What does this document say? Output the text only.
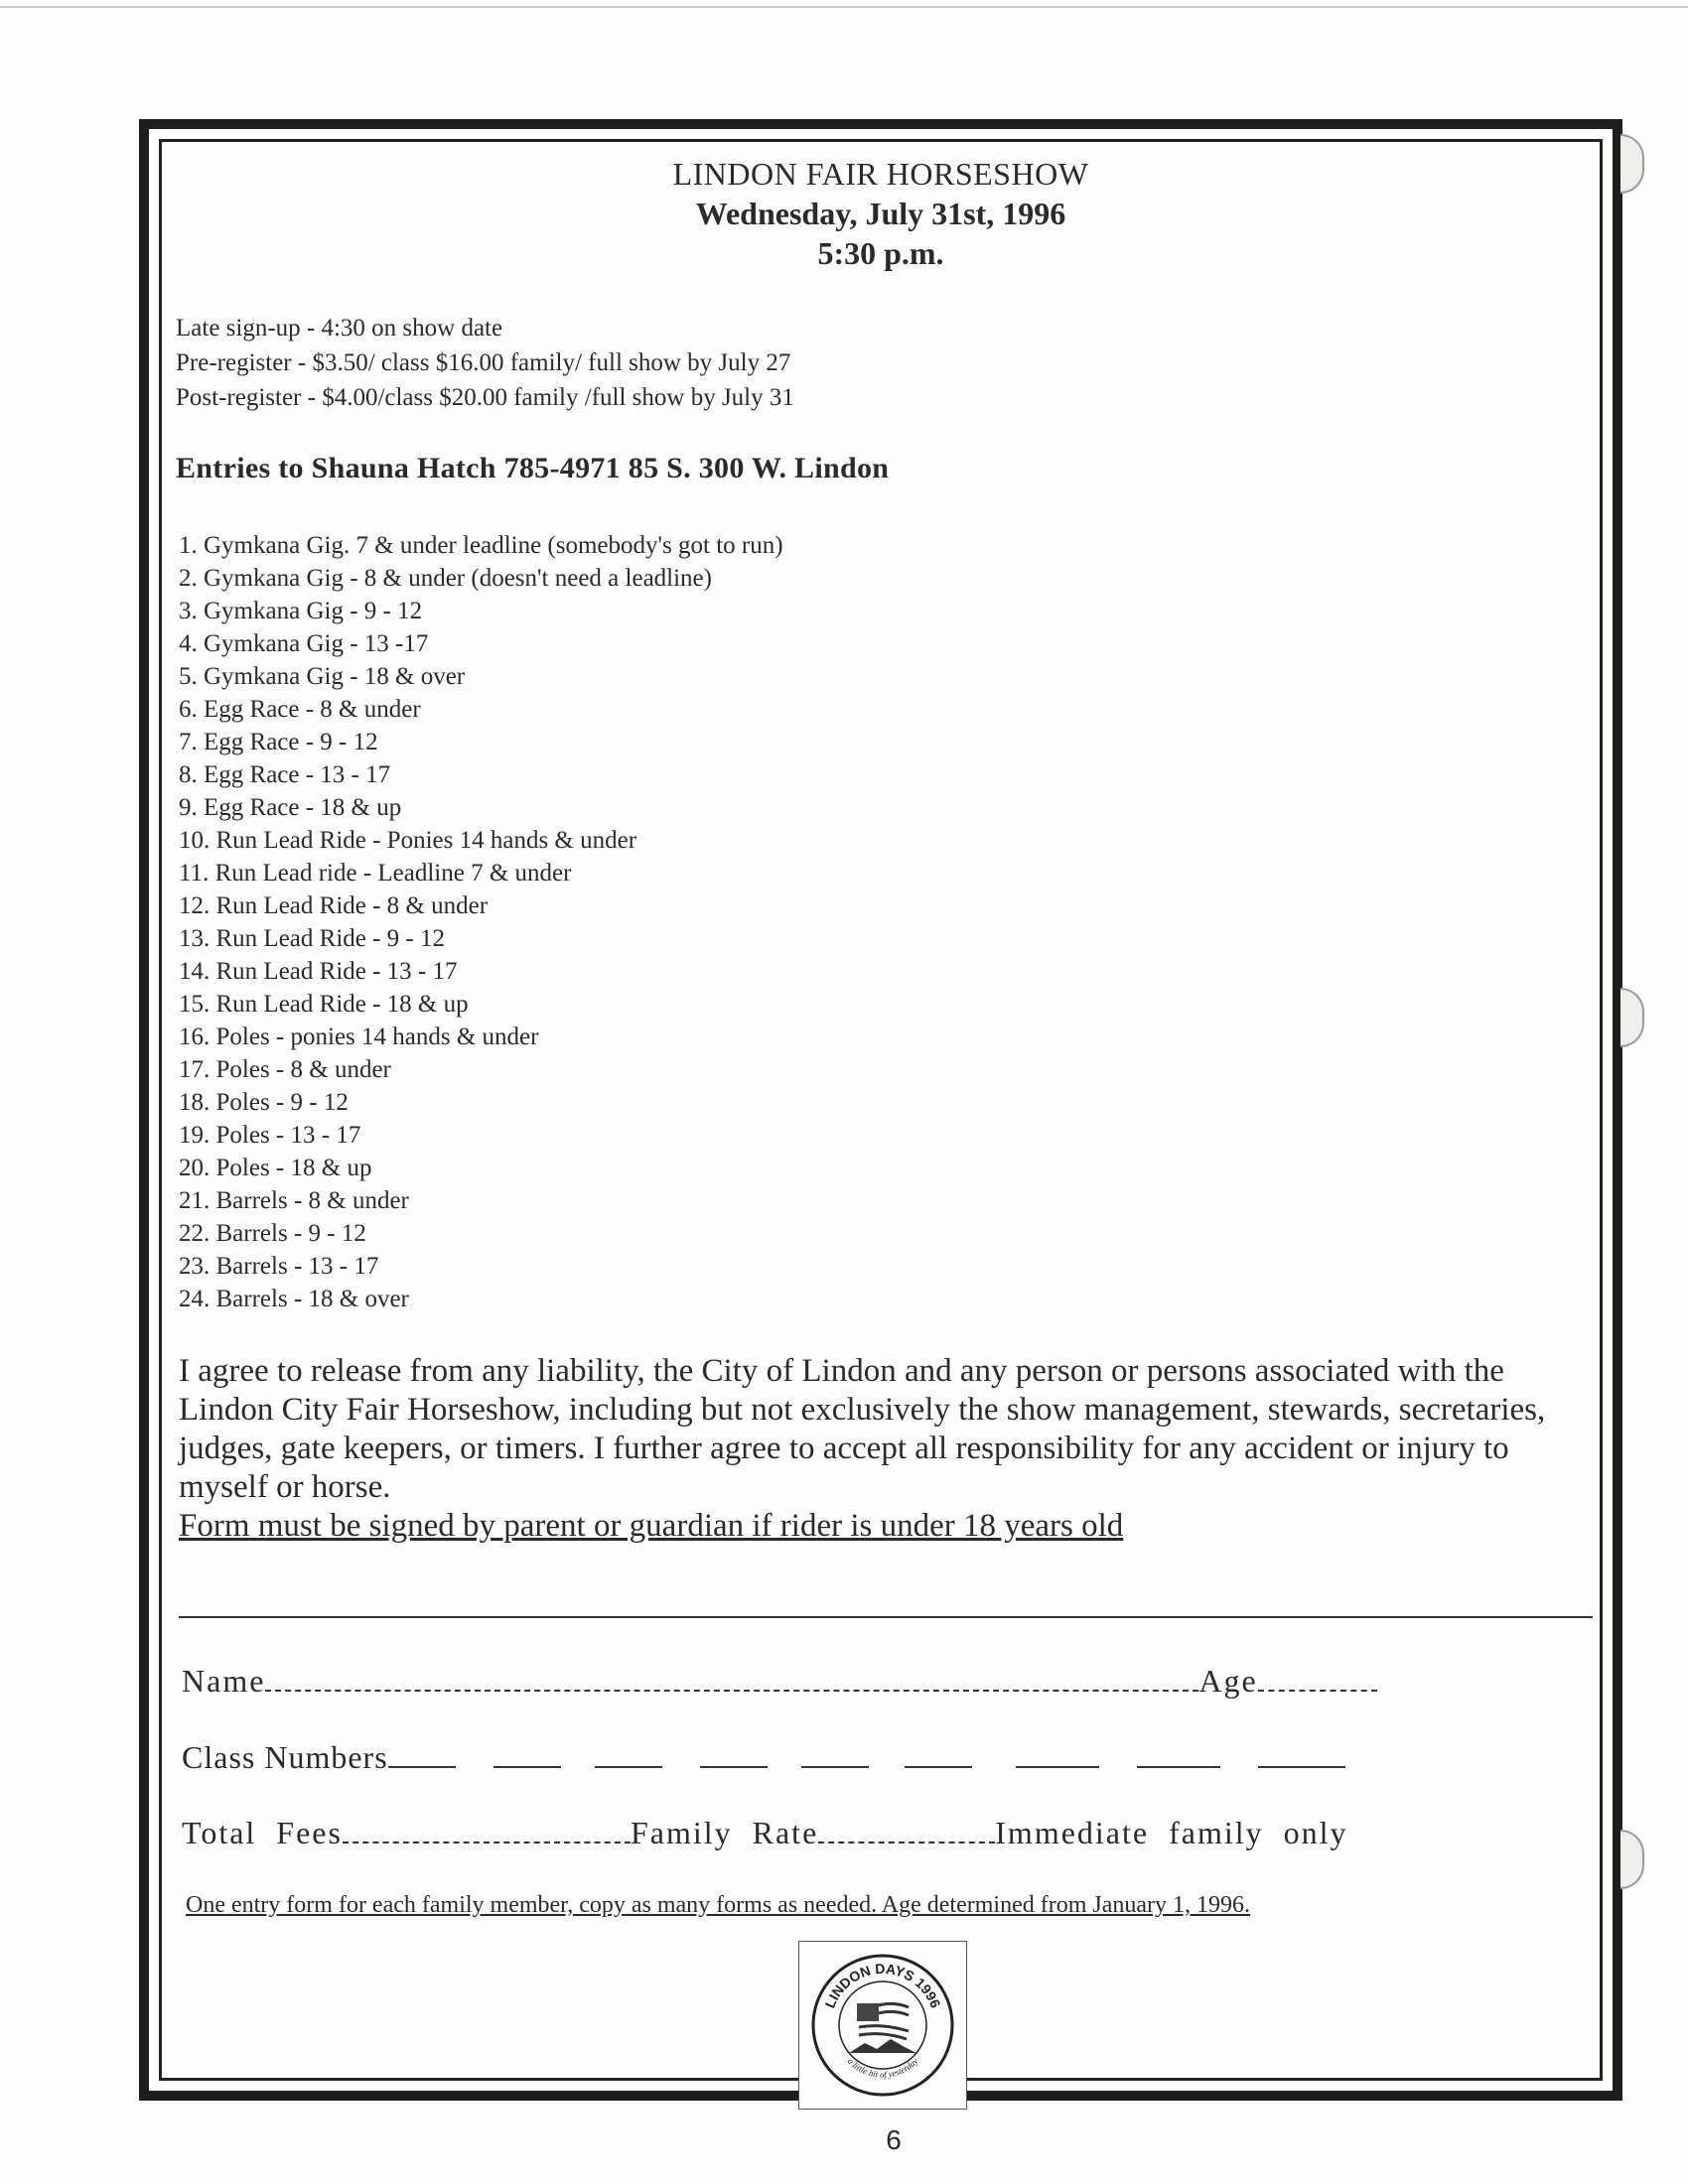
LINDON FAIR HORSESHOW
Wednesday, July 31st, 1996
5:30 p.m.
Late sign-up - 4:30 on show date
Pre-register - $3.50/ class $16.00 family/ full show by July 27
Post-register - $4.00/class $20.00 family /full show by July 31
Entries to Shauna Hatch 785-4971 85 S. 300 W. Lindon
1. Gymkana Gig. 7 & under leadline (somebody's got to run)
2. Gymkana Gig - 8 & under (doesn't need a leadline)
3. Gymkana Gig - 9 - 12
4. Gymkana Gig - 13 -17
5. Gymkana Gig - 18 & over
6. Egg Race - 8 & under
7. Egg Race - 9 - 12
8. Egg Race - 13 - 17
9. Egg Race - 18 & up
10. Run Lead Ride - Ponies 14 hands & under
11. Run Lead ride - Leadline 7 & under
12. Run Lead Ride - 8 & under
13. Run Lead Ride - 9 - 12
14. Run Lead Ride - 13 - 17
15. Run Lead Ride - 18 & up
16. Poles - ponies 14 hands & under
17. Poles - 8 & under
18. Poles - 9 - 12
19. Poles - 13 - 17
20. Poles - 18 & up
21. Barrels - 8 & under
22. Barrels - 9 - 12
23. Barrels - 13 - 17
24. Barrels - 18 & over
I agree to release from any liability, the City of Lindon and any person or persons associated with the Lindon City Fair Horseshow, including but not exclusively the show management, stewards, secretaries, judges, gate keepers, or timers. I further agree to accept all responsibility for any accident or injury to myself or horse.
Form must be signed by parent or guardian if rider is under 18 years old
Name	Age
Class Numbers
Total Fees	Family Rate	Immediate family only
One entry form for each family member, copy as many forms as needed. Age determined from January 1, 1996.
LINDON DAYS 1996
a little bit of yesterday
6
